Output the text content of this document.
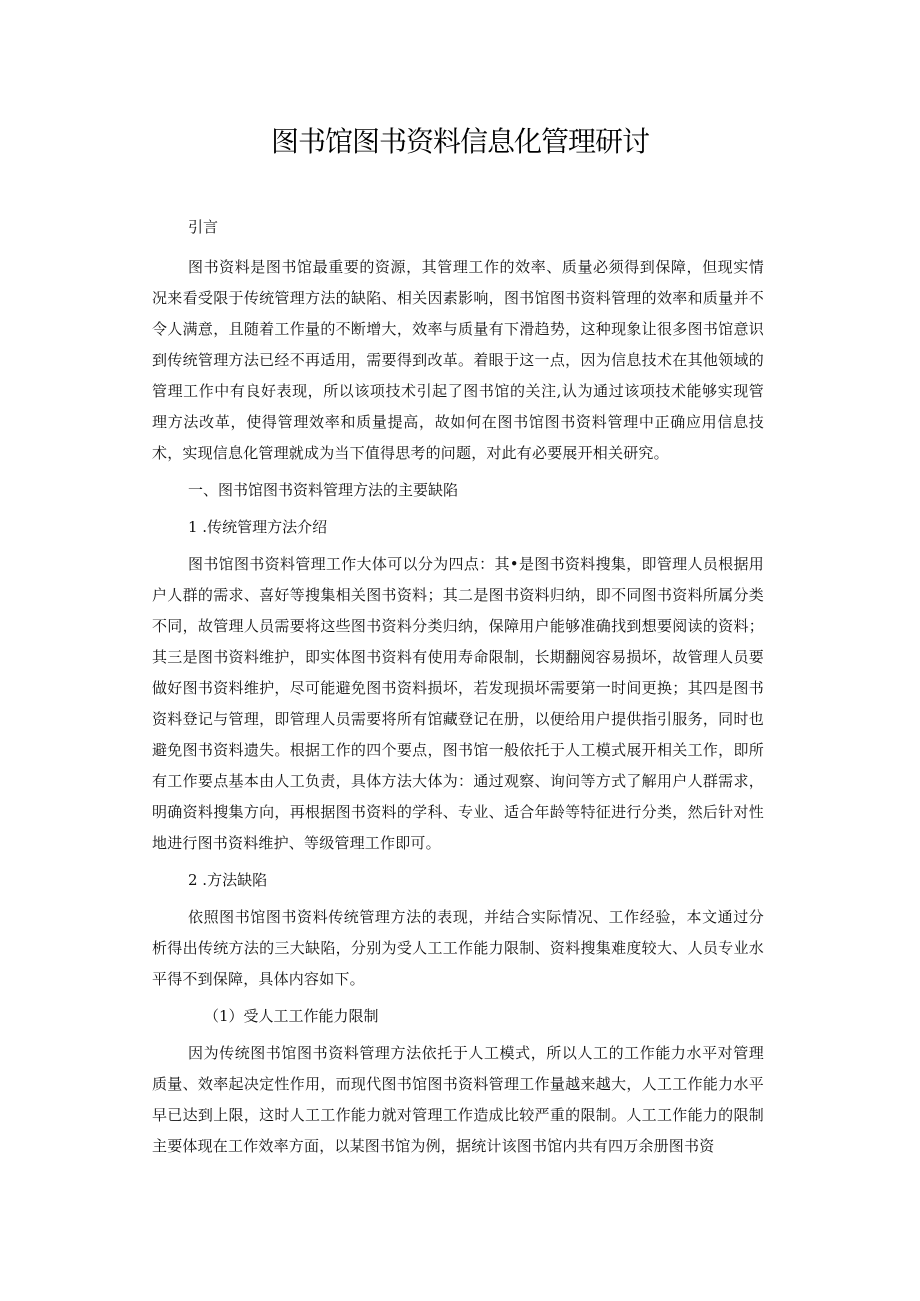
图书馆图书资料信息化管理研讨

引言

图书资料是图书馆最重要的资源，其管理工作的效率、质量必须得到保障，但现实情况来看受限于传统管理方法的缺陷、相关因素影响，图书馆图书资料管理的效率和质量并不令人满意，且随着工作量的不断增大，效率与质量有下滑趋势，这种现象让很多图书馆意识到传统管理方法已经不再适用，需要得到改革。着眼于这一点，因为信息技术在其他领域的管理工作中有良好表现，所以该项技术引起了图书馆的关注,认为通过该项技术能够实现管理方法改革，使得管理效率和质量提高，故如何在图书馆图书资料管理中正确应用信息技术，实现信息化管理就成为当下值得思考的问题，对此有必要展开相关研究。

一、图书馆图书资料管理方法的主要缺陷

1 .传统管理方法介绍

图书馆图书资料管理工作大体可以分为四点：其•是图书资料搜集，即管理人员根据用户人群的需求、喜好等搜集相关图书资料；其二是图书资料归纳，即不同图书资料所属分类不同，故管理人员需要将这些图书资料分类归纳，保障用户能够准确找到想要阅读的资料；其三是图书资料维护，即实体图书资料有使用寿命限制，长期翻阅容易损坏，故管理人员要做好图书资料维护，尽可能避免图书资料损坏，若发现损坏需要第一时间更换；其四是图书资料登记与管理，即管理人员需要将所有馆藏登记在册，以便给用户提供指引服务，同时也避免图书资料遗失。根据工作的四个要点，图书馆一般依托于人工模式展开相关工作，即所有工作要点基本由人工负责，具体方法大体为：通过观察、询问等方式了解用户人群需求，明确资料搜集方向，再根据图书资料的学科、专业、适合年龄等特征进行分类，然后针对性地进行图书资料维护、等级管理工作即可。

2 .方法缺陷

依照图书馆图书资料传统管理方法的表现，并结合实际情况、工作经验，本文通过分析得出传统方法的三大缺陷，分别为受人工工作能力限制、资料搜集难度较大、人员专业水平得不到保障，具体内容如下。

（1）受人工工作能力限制

因为传统图书馆图书资料管理方法依托于人工模式，所以人工的工作能力水平对管理质量、效率起决定性作用，而现代图书馆图书资料管理工作量越来越大，人工工作能力水平早已达到上限，这时人工工作能力就对管理工作造成比较严重的限制。人工工作能力的限制主要体现在工作效率方面，以某图书馆为例，据统计该图书馆内共有四万余册图书资
